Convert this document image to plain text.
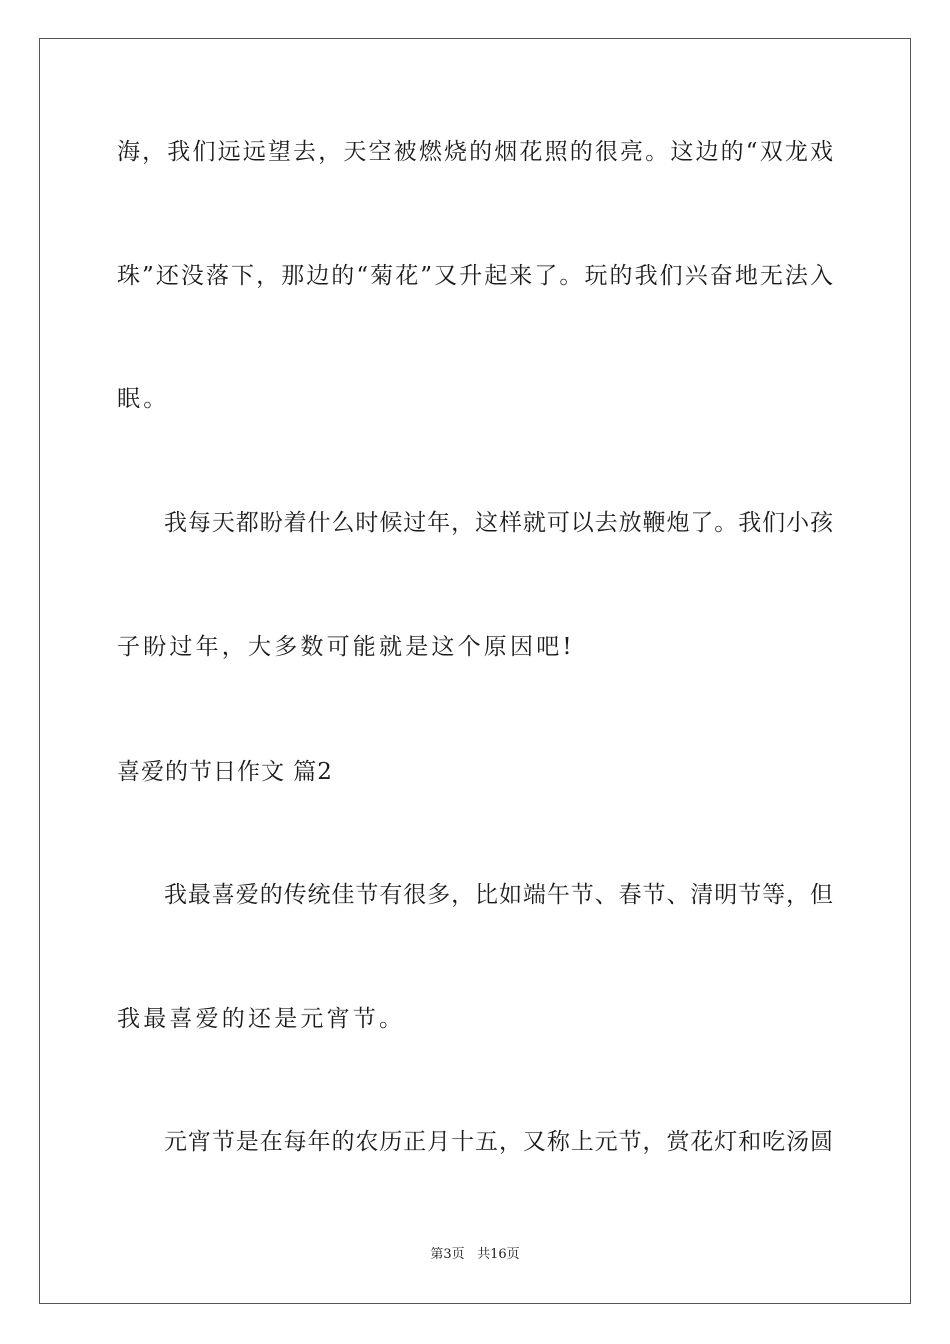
海，我们远远望去，天空被燃烧的烟花照的很亮。这边的“双龙戏
珠”还没落下，那边的“菊花”又升起来了。玩的我们兴奋地无法入
眠。
我每天都盼着什么时候过年，这样就可以去放鞭炮了。我们小孩
子盼过年，大多数可能就是这个原因吧!
喜爱的节日作文 篇2
我最喜爱的传统佳节有很多，比如端午节、春节、清明节等，但
我最喜爱的还是元宵节。
元宵节是在每年的农历正月十五，又称上元节，赏花灯和吃汤圆
第3页 共16页
